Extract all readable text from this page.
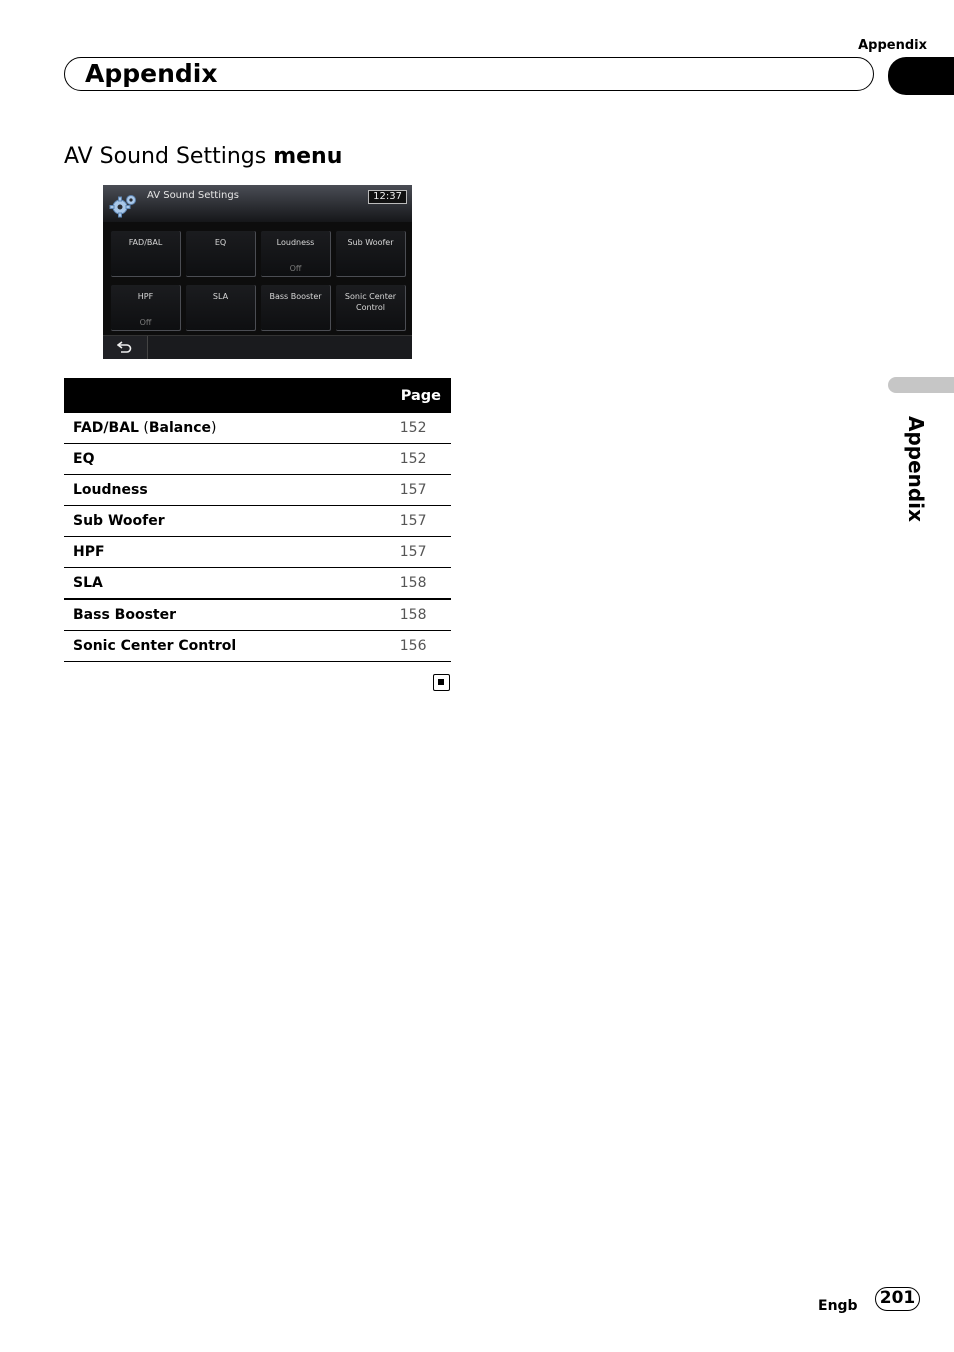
Appendix
Appendix
AV Sound Settings menu
AV Sound Settings	12:37
FAD/BAL	EQ	Loudness
Off
Sub Woofer
HPF
Off
SLA	Bass Booster	Sonic Center Control
	Page
FAD/BAL (Balance)	152
EQ	152
Loudness	157
Sub Woofer	157
HPF	157
SLA	158
Bass Booster	158
Sonic Center Control	156
Appendix
Engb 201
